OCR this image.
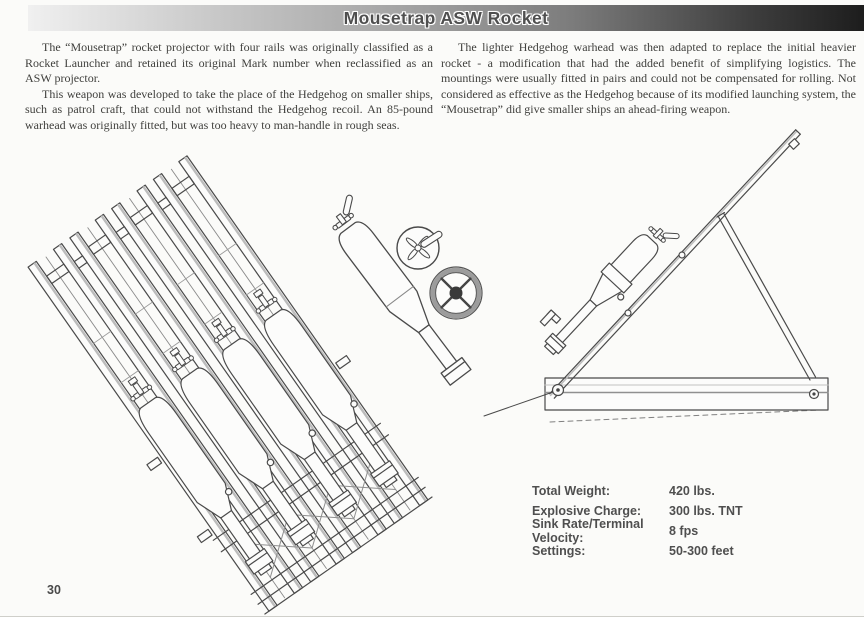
Mousetrap ASW Rocket

The “Mousetrap” rocket projector with four rails was originally classified as a Rocket Launcher and retained its original Mark number when reclassified as an ASW projector.

This weapon was developed to take the place of the Hedgehog on smaller ships, such as patrol craft, that could not withstand the Hedgehog recoil. An 85-pound warhead was originally fitted, but was too heavy to man-handle in rough seas.

The lighter Hedgehog warhead was then adapted to replace the initial heavier rocket - a modification that had the added benefit of simplifying logistics. The mountings were usually fitted in pairs and could not be compensated for rolling. Not considered as effective as the Hedgehog because of its modified launching system, the “Mousetrap” did give smaller ships an ahead-firing weapon.

Total Weight:	420 lbs.
Explosive Charge:	300 lbs. TNT
Sink Rate/Terminal Velocity:	8 fps
Settings:	50-300 feet
30
